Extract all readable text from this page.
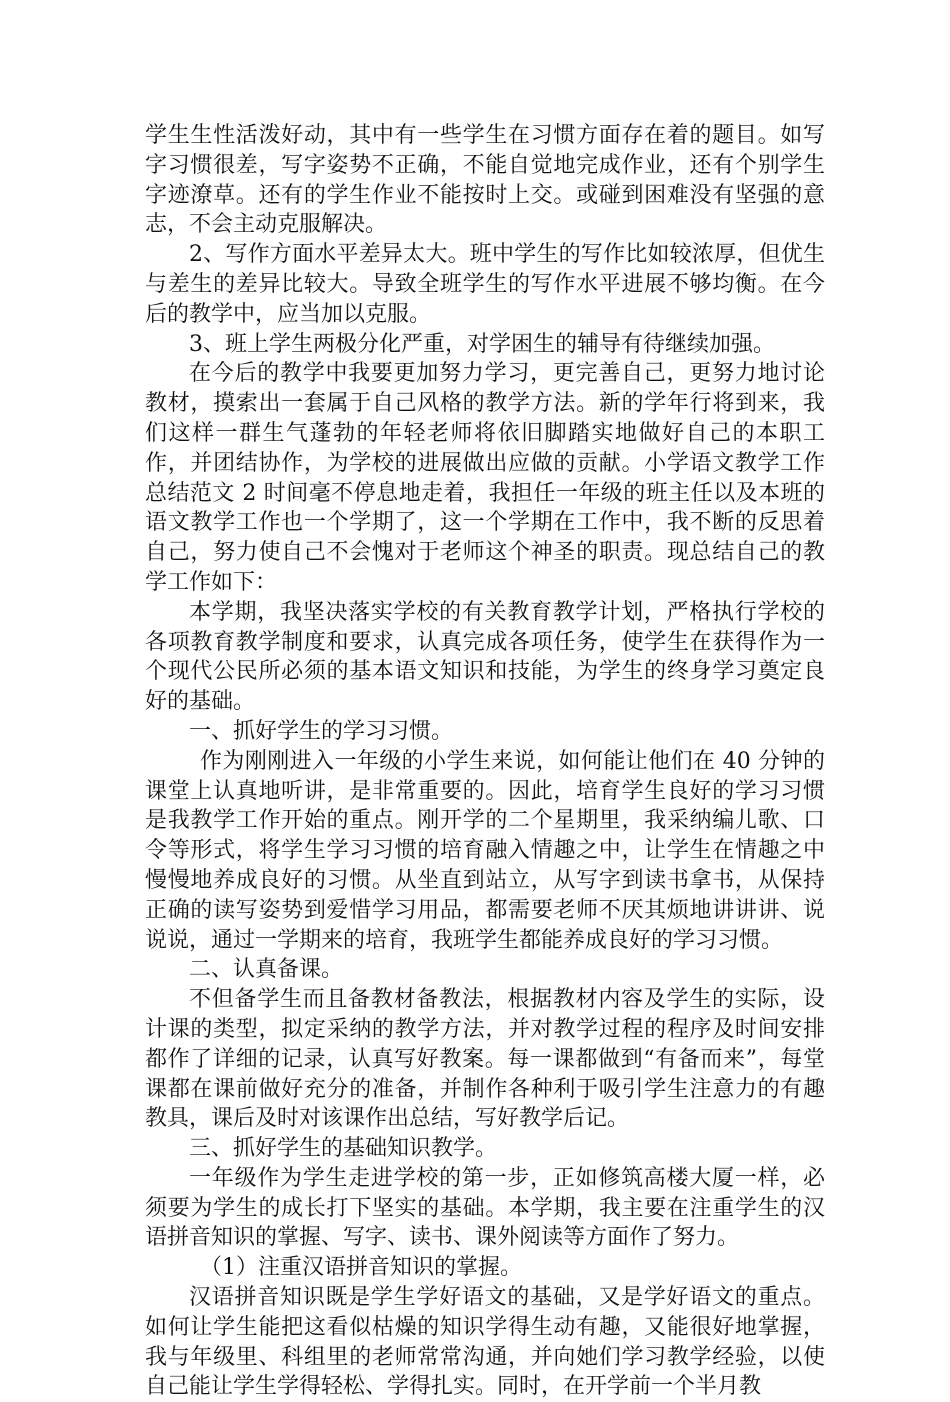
学生生性活泼好动，其中有一些学生在习惯方面存在着的题目。如写字习惯很差，写字姿势不正确，不能自觉地完成作业，还有个别学生字迹潦草。还有的学生作业不能按时上交。或碰到困难没有坚强的意志，不会主动克服解决。

2、写作方面水平差异太大。班中学生的写作比如较浓厚，但优生与差生的差异比较大。导致全班学生的写作水平进展不够均衡。在今后的教学中，应当加以克服。

3、班上学生两极分化严重，对学困生的辅导有待继续加强。

在今后的教学中我要更加努力学习，更完善自己，更努力地讨论教材，摸索出一套属于自己风格的教学方法。新的学年行将到来，我们这样一群生气蓬勃的年轻老师将依旧脚踏实地做好自己的本职工作，并团结协作，为学校的进展做出应做的贡献。小学语文教学工作总结范文 2 时间毫不停息地走着，我担任一年级的班主任以及本班的语文教学工作也一个学期了，这一个学期在工作中，我不断的反思着自己，努力使自己不会愧对于老师这个神圣的职责。现总结自己的教学工作如下：

本学期，我坚决落实学校的有关教育教学计划，严格执行学校的各项教育教学制度和要求，认真完成各项任务，使学生在获得作为一个现代公民所必须的基本语文知识和技能，为学生的终身学习奠定良好的基础。

一、抓好学生的学习习惯。

作为刚刚进入一年级的小学生来说，如何能让他们在 40 分钟的课堂上认真地听讲，是非常重要的。因此，培育学生良好的学习习惯是我教学工作开始的重点。刚开学的二个星期里，我采纳编儿歌、口令等形式，将学生学习习惯的培育融入情趣之中，让学生在情趣之中慢慢地养成良好的习惯。从坐直到站立，从写字到读书拿书，从保持正确的读写姿势到爱惜学习用品，都需要老师不厌其烦地讲讲讲、说说说，通过一学期来的培育，我班学生都能养成良好的学习习惯。

二、认真备课。

不但备学生而且备教材备教法，根据教材内容及学生的实际，设计课的类型，拟定采纳的教学方法，并对教学过程的程序及时间安排都作了详细的记录，认真写好教案。每一课都做到“有备而来”，每堂课都在课前做好充分的准备，并制作各种利于吸引学生注意力的有趣教具，课后及时对该课作出总结，写好教学后记。

三、抓好学生的基础知识教学。

一年级作为学生走进学校的第一步，正如修筑高楼大厦一样，必须要为学生的成长打下坚实的基础。本学期，我主要在注重学生的汉语拼音知识的掌握、写字、读书、课外阅读等方面作了努力。

（1）注重汉语拼音知识的掌握。

汉语拼音知识既是学生学好语文的基础，又是学好语文的重点。如何让学生能把这看似枯燥的知识学得生动有趣，又能很好地掌握，我与年级里、科组里的老师常常沟通，并向她们学习教学经验，以使自己能让学生学得轻松、学得扎实。同时，在开学前一个半月教
